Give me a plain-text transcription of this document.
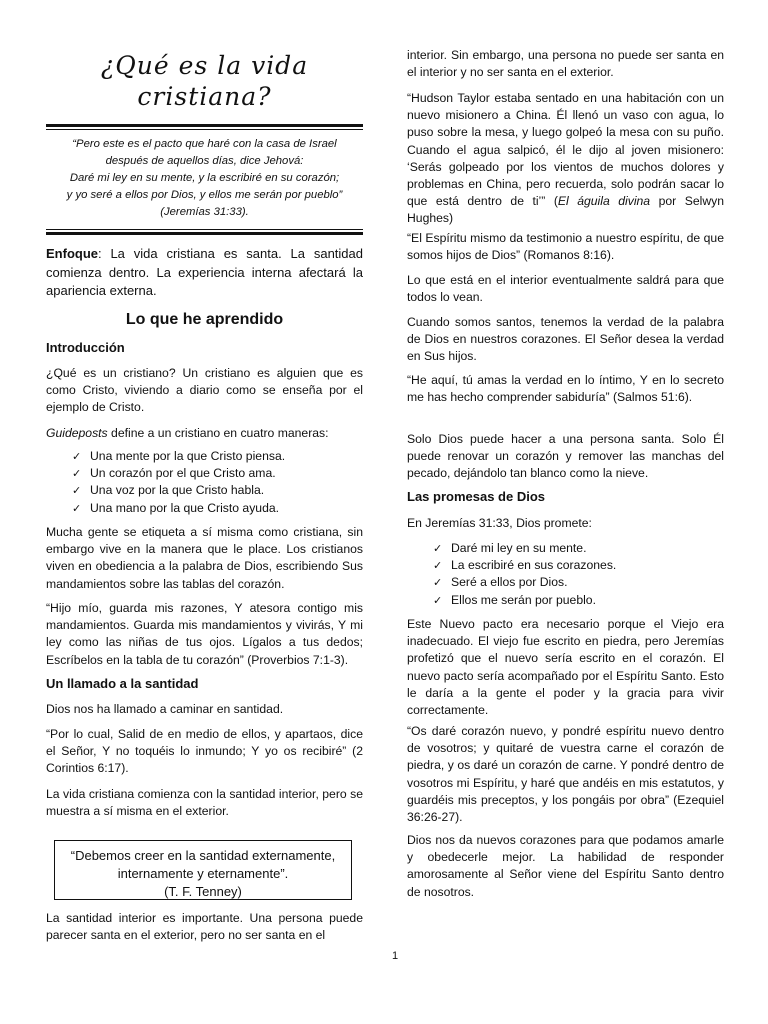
¿Qué es la vida
cristiana?
“Pero este es el pacto que haré con la casa de Israel
después de aquellos días, dice Jehová:
Daré mi ley en su mente, y la escribiré en su corazón;
y yo seré a ellos por Dios, y ellos me serán por pueblo”
(Jeremías 31:33).

Enfoque: La vida cristiana es santa. La santidad comienza dentro. La experiencia interna afectará la apariencia externa.

Lo que he aprendido
Introducción

¿Qué es un cristiano? Un cristiano es alguien que es como Cristo, viviendo a diario como se enseña por el ejemplo de Cristo.

Guideposts define a un cristiano en cuatro maneras:

✓ Una mente por la que Cristo piensa.
✓ Un corazón por el que Cristo ama.
✓ Una voz por la que Cristo habla.
✓ Una mano por la que Cristo ayuda.

Mucha gente se etiqueta a sí misma como cristiana, sin embargo vive en la manera que le place. Los cristianos viven en obediencia a la palabra de Dios, escribiendo Sus mandamientos sobre las tablas del corazón.

“Hijo mío, guarda mis razones, Y atesora contigo mis mandamientos. Guarda mis mandamientos y vivirás, Y mi ley como las niñas de tus ojos. Lígalos a tus dedos; Escríbelos en la tabla de tu corazón” (Proverbios 7:1-3).

Un llamado a la santidad

Dios nos ha llamado a caminar en santidad.

“Por lo cual, Salid de en medio de ellos, y apartaos, dice el Señor, Y no toquéis lo inmundo; Y yo os recibiré” (2 Corintios 6:17).

La vida cristiana comienza con la santidad interior, pero se muestra a sí misma en el exterior.

“Debemos creer en la santidad externamente,
internamente y eternamente”.
(T. F. Tenney)

La santidad interior es importante. Una persona puede parecer santa en el exterior, pero no ser santa en el

interior. Sin embargo, una persona no puede ser santa en el interior y no ser santa en el exterior.

“Hudson Taylor estaba sentado en una habitación con un nuevo misionero a China. Él llenó un vaso con agua, lo puso sobre la mesa, y luego golpeó la mesa con su puño. Cuando el agua salpicó, él le dijo al joven misionero: ‘Serás golpeado por los vientos de muchos dolores y problemas en China, pero recuerda, solo podrán sacar lo que está dentro de ti’” (El águila divina por Selwyn Hughes)

“El Espíritu mismo da testimonio a nuestro espíritu, de que somos hijos de Dios” (Romanos 8:16).

Lo que está en el interior eventualmente saldrá para que todos lo vean.

Cuando somos santos, tenemos la verdad de la palabra de Dios en nuestros corazones. El Señor desea la verdad en Sus hijos.

“He aquí, tú amas la verdad en lo íntimo, Y en lo secreto me has hecho comprender sabiduría” (Salmos 51:6).

Solo Dios puede hacer a una persona santa. Solo Él puede renovar un corazón y remover las manchas del pecado, dejándolo tan blanco como la nieve.

Las promesas de Dios

En Jeremías 31:33, Dios promete:

✓ Daré mi ley en su mente.
✓ La escribiré en sus corazones.
✓ Seré a ellos por Dios.
✓ Ellos me serán por pueblo.

Este Nuevo pacto era necesario porque el Viejo era inadecuado. El viejo fue escrito en piedra, pero Jeremías profetizó que el nuevo sería escrito en el corazón. El nuevo pacto sería acompañado por el Espíritu Santo. Esto le daría a la gente el poder y la gracia para vivir correctamente.

“Os daré corazón nuevo, y pondré espíritu nuevo dentro de vosotros; y quitaré de vuestra carne el corazón de piedra, y os daré un corazón de carne. Y pondré dentro de vosotros mi Espíritu, y haré que andéis en mis estatutos, y guardéis mis preceptos, y los pongáis por obra” (Ezequiel 36:26-27).

Dios nos da nuevos corazones para que podamos amarle y obedecerle mejor. La habilidad de responder amorosamente al Señor viene del Espíritu Santo dentro de nosotros.

1
